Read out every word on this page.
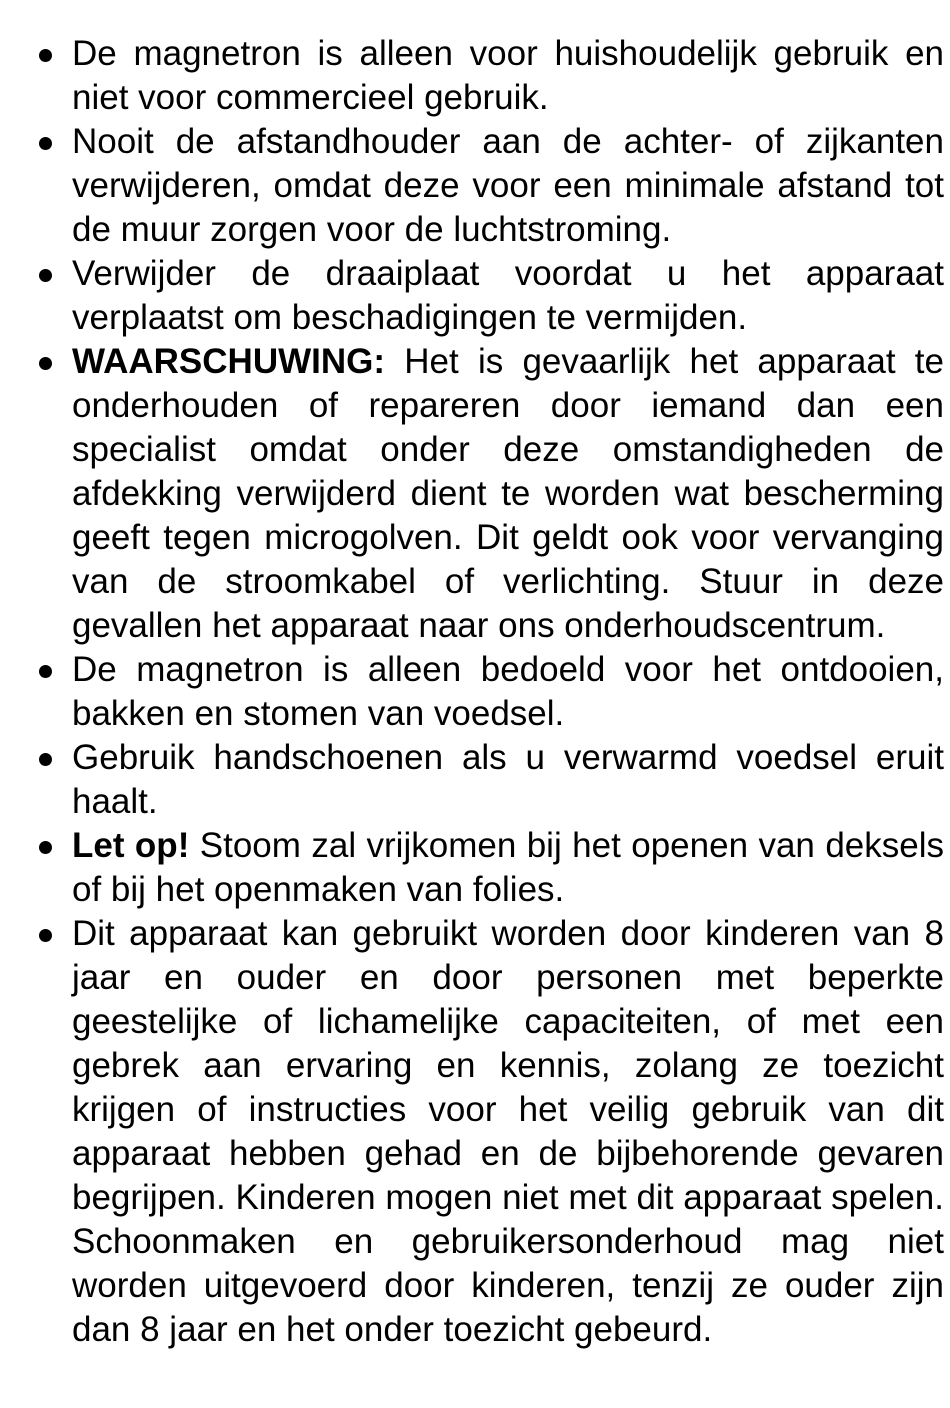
De magnetron is alleen voor huishoudelijk gebruik en niet voor commercieel gebruik.
Nooit de afstandhouder aan de achter- of zijkanten verwijderen, omdat deze voor een minimale afstand tot de muur zorgen voor de luchtstroming.
Verwijder de draaiplaat voordat u het apparaat verplaatst om beschadigingen te vermijden.
WAARSCHUWING: Het is gevaarlijk het apparaat te onderhouden of repareren door iemand dan een specialist omdat onder deze omstandigheden de afdekking verwijderd dient te worden wat bescherming geeft tegen microgolven. Dit geldt ook voor vervanging van de stroomkabel of verlichting. Stuur in deze gevallen het apparaat naar ons onderhoudscentrum.
De magnetron is alleen bedoeld voor het ontdooien, bakken en stomen van voedsel.
Gebruik handschoenen als u verwarmd voedsel eruit haalt.
Let op! Stoom zal vrijkomen bij het openen van deksels of bij het openmaken van folies.
Dit apparaat kan gebruikt worden door kinderen van 8 jaar en ouder en door personen met beperkte geestelijke of lichamelijke capaciteiten, of met een gebrek aan ervaring en kennis, zolang ze toezicht krijgen of instructies voor het veilig gebruik van dit apparaat hebben gehad en de bijbehorende gevaren begrijpen. Kinderen mogen niet met dit apparaat spelen. Schoonmaken en gebruikersonderhoud mag niet worden uitgevoerd door kinderen, tenzij ze ouder zijn dan 8 jaar en het onder toezicht gebeurd.
